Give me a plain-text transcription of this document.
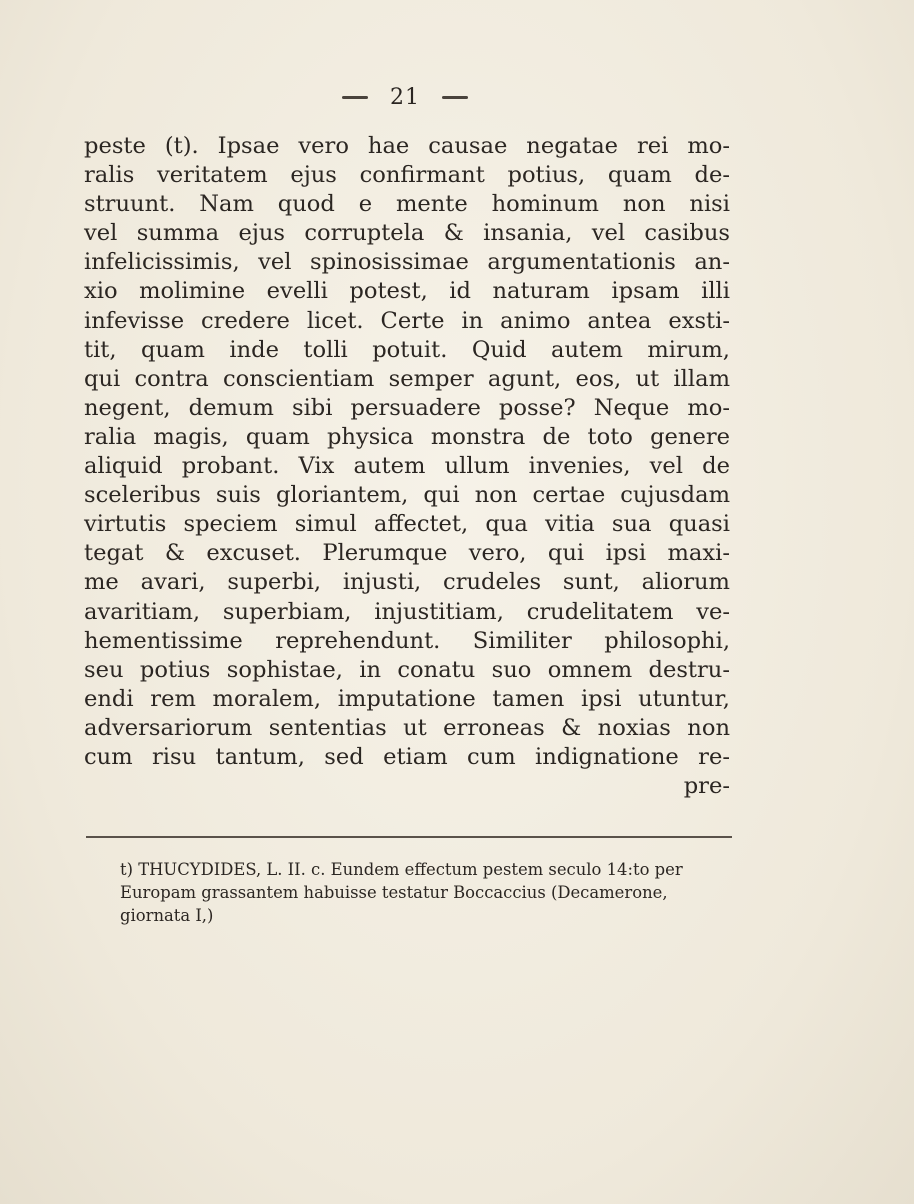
21
peste (t). Ipsae vero hae causae negatae rei mo-
ralis veritatem ejus confirmant potius, quam de-
struunt. Nam quod e mente hominum non nisi
vel summa ejus corruptela & insania, vel casibus
infelicissimis, vel spinosissimae argumentationis an-
xio molimine evelli potest, id naturam ipsam illi
infevisse credere licet. Certe in animo antea exsti-
tit, quam inde tolli potuit. Quid autem mirum,
qui contra conscientiam semper agunt, eos, ut illam
negent, demum sibi persuadere posse? Neque mo-
ralia magis, quam physica monstra de toto genere
aliquid probant. Vix autem ullum invenies, vel de
sceleribus suis gloriantem, qui non certae cujusdam
virtutis speciem simul affectet, qua vitia sua quasi
tegat & excuset. Plerumque vero, qui ipsi maxi-
me avari, superbi, injusti, crudeles sunt, aliorum
avaritiam, superbiam, injustitiam, crudelitatem ve-
hementissime reprehendunt. Similiter philosophi,
seu potius sophistae, in conatu suo omnem destru-
endi rem moralem, imputatione tamen ipsi utuntur,
adversariorum sententias ut erroneas & noxias non
cum risu tantum, sed etiam cum indignatione re-
pre-
t) THUCYDIDES, L. II. c. Eundem effectum pestem seculo 14:to per
Europam grassantem habuisse testatur Boccaccius (Decamerone,
giornata I,)
